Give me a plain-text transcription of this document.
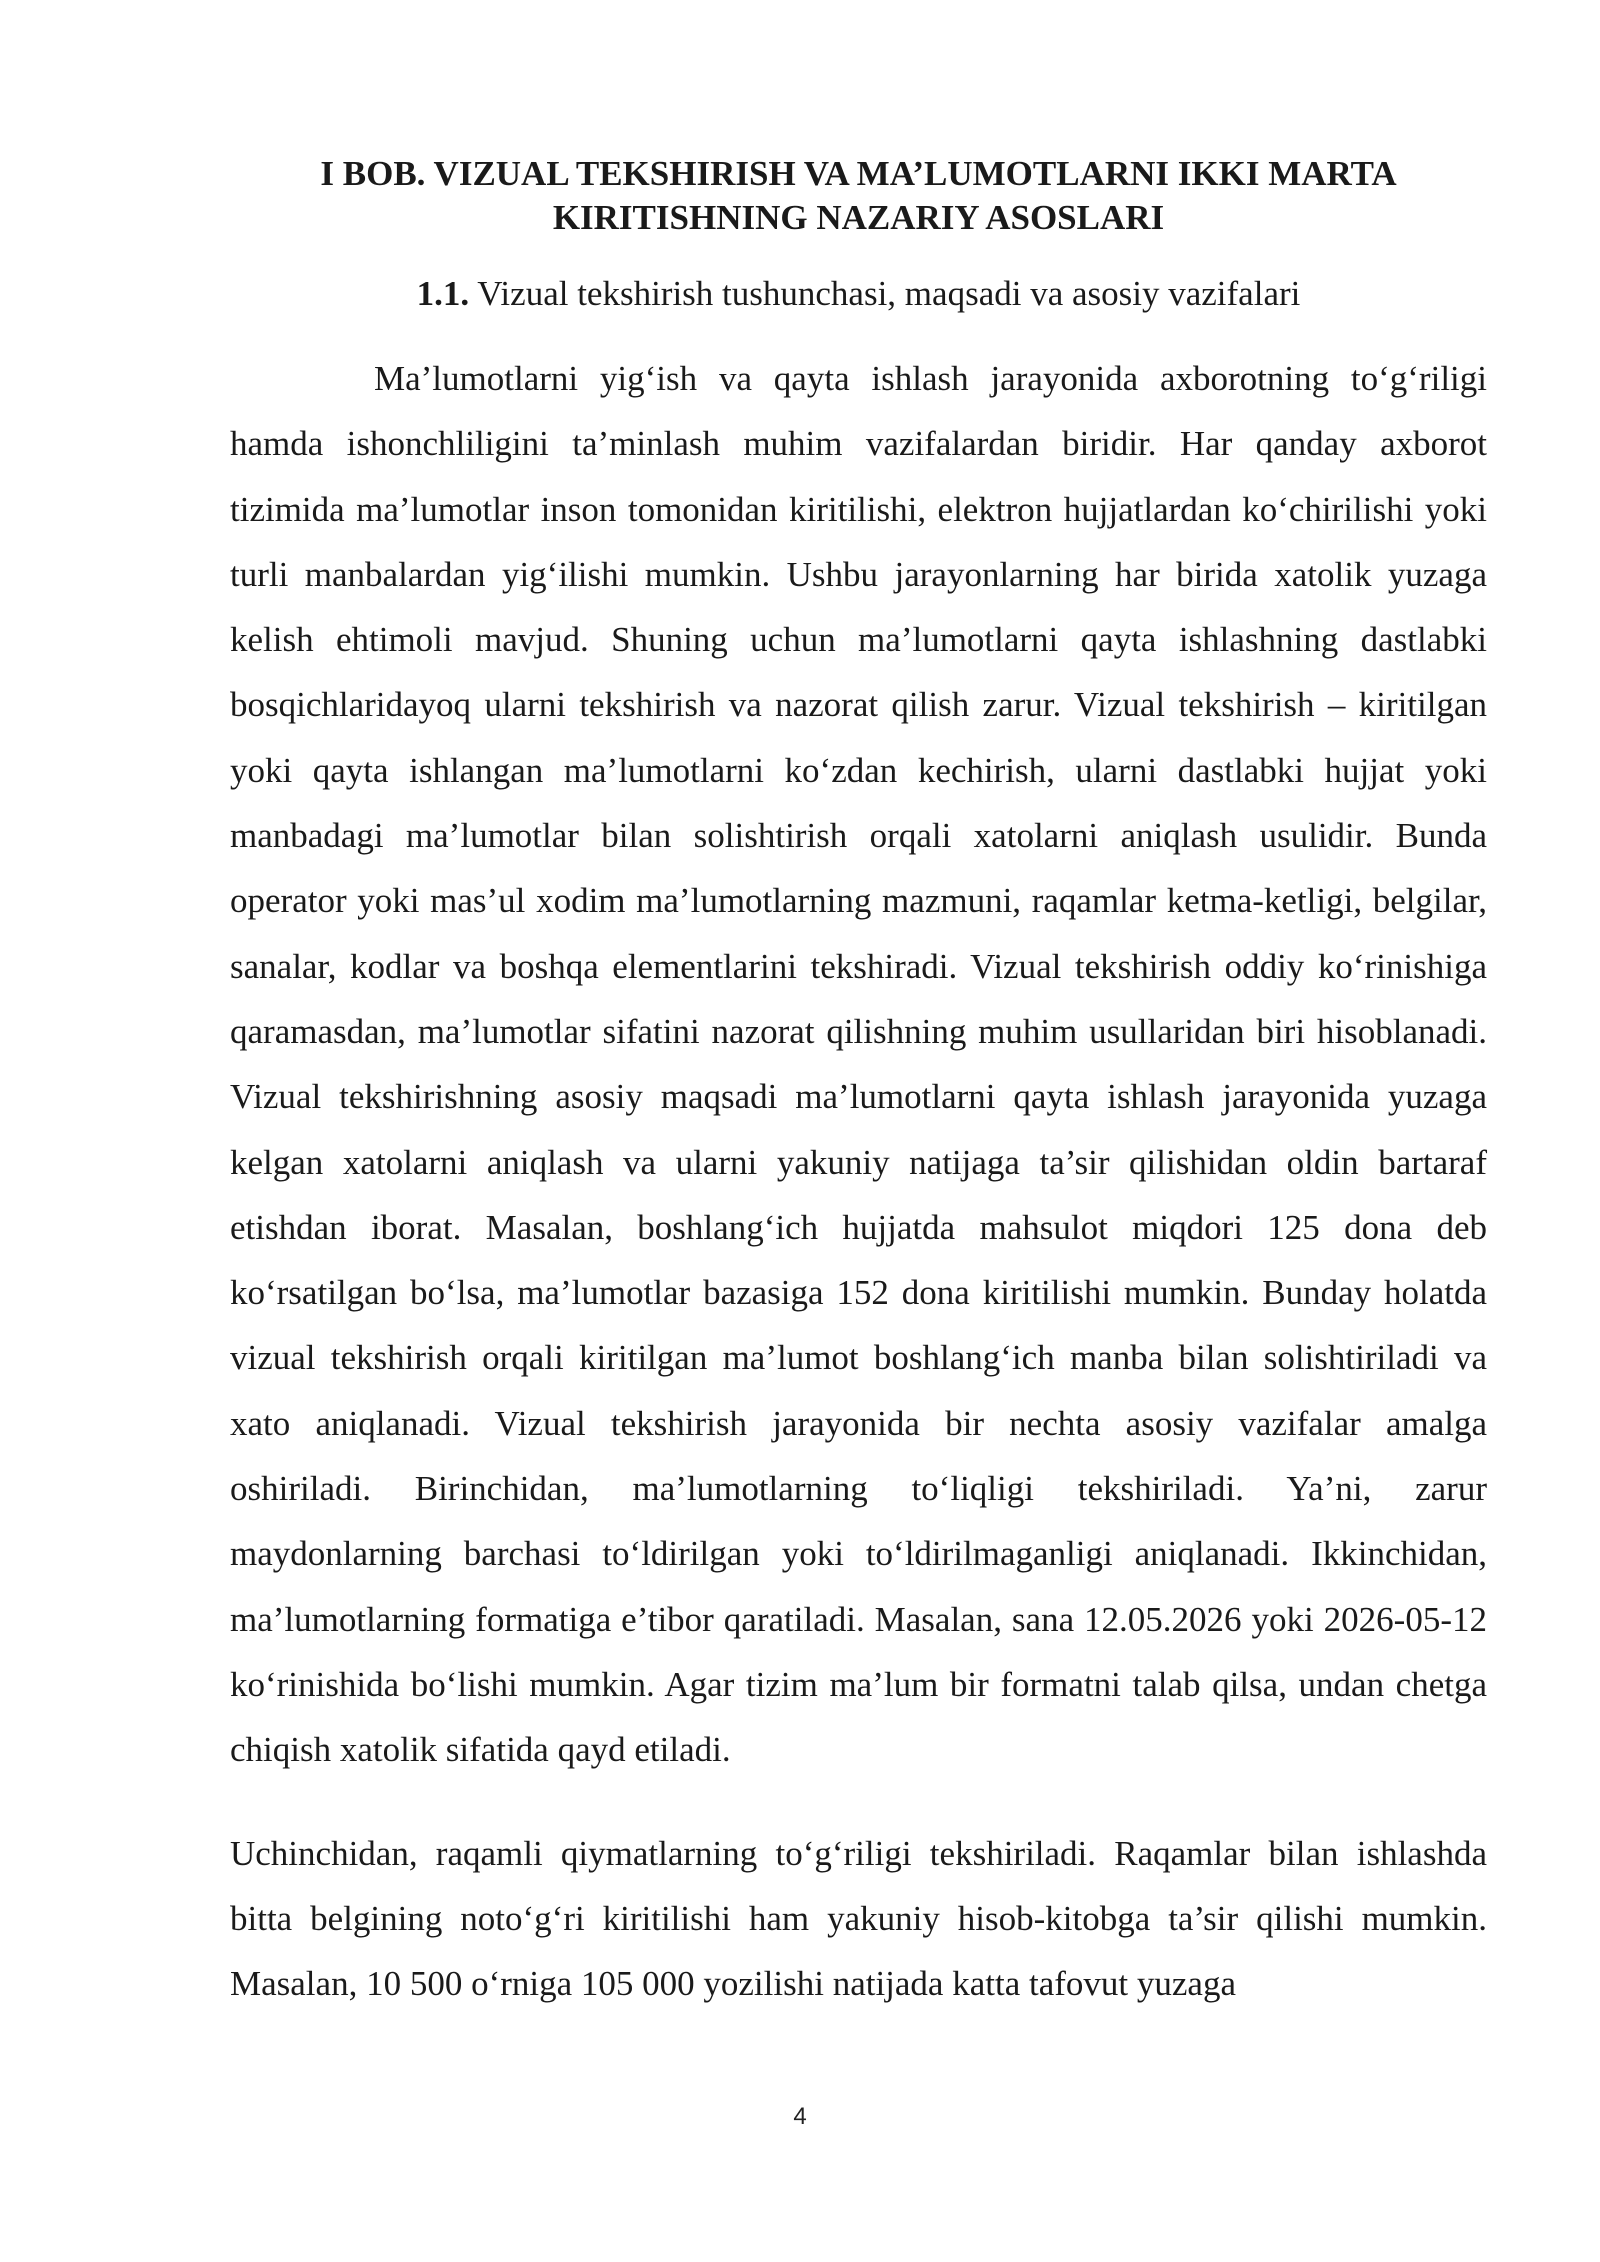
I BOB. VIZUAL TEKSHIRISH VA MA’LUMOTLARNI IKKI MARTA
KIRITISHNING NAZARIY ASOSLARI
1.1. Vizual tekshirish tushunchasi, maqsadi va asosiy vazifalari

Ma’lumotlarni yig‘ish va qayta ishlash jarayonida axborotning to‘g‘riligi hamda ishonchliligini ta’minlash muhim vazifalardan biridir. Har qanday axborot tizimida ma’lumotlar inson tomonidan kiritilishi, elektron hujjatlardan ko‘chirilishi yoki turli manbalardan yig‘ilishi mumkin. Ushbu jarayonlarning har birida xatolik yuzaga kelish ehtimoli mavjud. Shuning uchun ma’lumotlarni qayta ishlashning dastlabki bosqichlaridayoq ularni tekshirish va nazorat qilish zarur. Vizual tekshirish – kiritilgan yoki qayta ishlangan ma’lumotlarni ko‘zdan kechirish, ularni dastlabki hujjat yoki manbadagi ma’lumotlar bilan solishtirish orqali xatolarni aniqlash usulidir. Bunda operator yoki mas’ul xodim ma’lumotlarning mazmuni, raqamlar ketma-ketligi, belgilar, sanalar, kodlar va boshqa elementlarini tekshiradi. Vizual tekshirish oddiy ko‘rinishiga qaramasdan, ma’lumotlar sifatini nazorat qilishning muhim usullaridan biri hisoblanadi. Vizual tekshirishning asosiy maqsadi ma’lumotlarni qayta ishlash jarayonida yuzaga kelgan xatolarni aniqlash va ularni yakuniy natijaga ta’sir qilishidan oldin bartaraf etishdan iborat. Masalan, boshlang‘ich hujjatda mahsulot miqdori 125 dona deb ko‘rsatilgan bo‘lsa, ma’lumotlar bazasiga 152 dona kiritilishi mumkin. Bunday holatda vizual tekshirish orqali kiritilgan ma’lumot boshlang‘ich manba bilan solishtiriladi va xato aniqlanadi. Vizual tekshirish jarayonida bir nechta asosiy vazifalar amalga oshiriladi. Birinchidan, ma’lumotlarning to‘liqligi tekshiriladi. Ya’ni, zarur maydonlarning barchasi to‘ldirilgan yoki to‘ldirilmaganligi aniqlanadi. Ikkinchidan, ma’lumotlarning formatiga e’tibor qaratiladi. Masalan, sana 12.05.2026 yoki 2026-05-12 ko‘rinishida bo‘lishi mumkin. Agar tizim ma’lum bir formatni talab qilsa, undan chetga chiqish xatolik sifatida qayd etiladi.

Uchinchidan, raqamli qiymatlarning to‘g‘riligi tekshiriladi. Raqamlar bilan ishlashda bitta belgining noto‘g‘ri kiritilishi ham yakuniy hisob-kitobga ta’sir qilishi mumkin. Masalan, 10 500 o‘rniga 105 000 yozilishi natijada katta tafovut yuzaga

4
